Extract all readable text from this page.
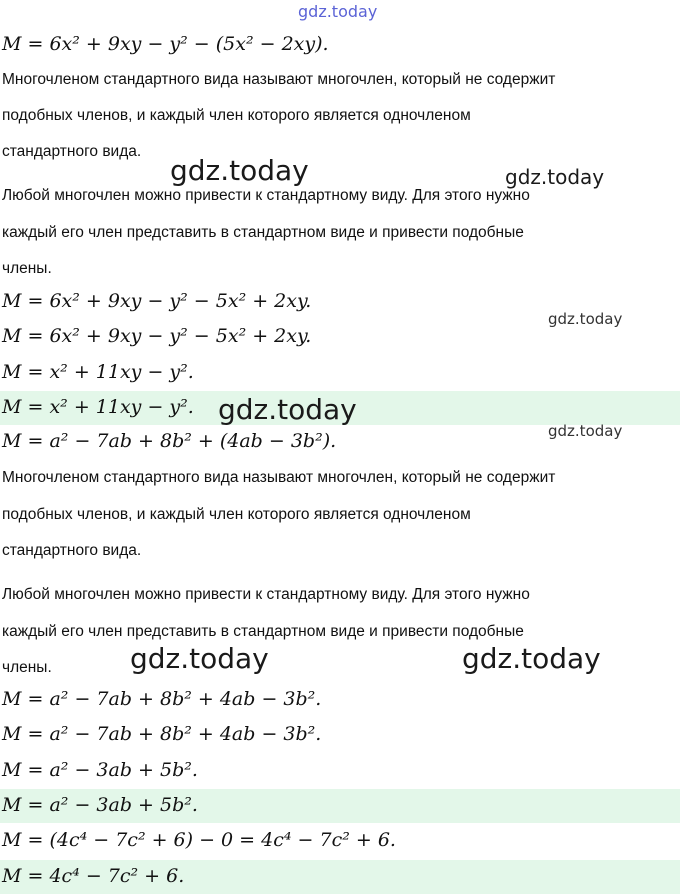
gdz.today
gdz.today	gdz.today
gdz.today
gdz.today
gdz.today
gdz.today	gdz.today
M = 6x² + 9xy − y² − (5x² − 2xy).
Многочленом стандартного вида называют многочлен, который не содержит
подобных членов, и каждый член которого является одночленом
стандартного вида.
Любой многочлен можно привести к стандартному виду. Для этого нужно
каждый его член представить в стандартном виде и привести подобные
члены.
M = 6x² + 9xy − y² − 5x² + 2xy.
M = 6x² + 9xy − y² − 5x² + 2xy.
M = x² + 11xy − y².
M = x² + 11xy − y².
M = a² − 7ab + 8b² + (4ab − 3b²).
Многочленом стандартного вида называют многочлен, который не содержит
подобных членов, и каждый член которого является одночленом
стандартного вида.
Любой многочлен можно привести к стандартному виду. Для этого нужно
каждый его член представить в стандартном виде и привести подобные
члены.
M = a² − 7ab + 8b² + 4ab − 3b².
M = a² − 7ab + 8b² + 4ab − 3b².
M = a² − 3ab + 5b².
M = a² − 3ab + 5b².
M = (4c⁴ − 7c² + 6) − 0 = 4c⁴ − 7c² + 6.
M = 4c⁴ − 7c² + 6.
